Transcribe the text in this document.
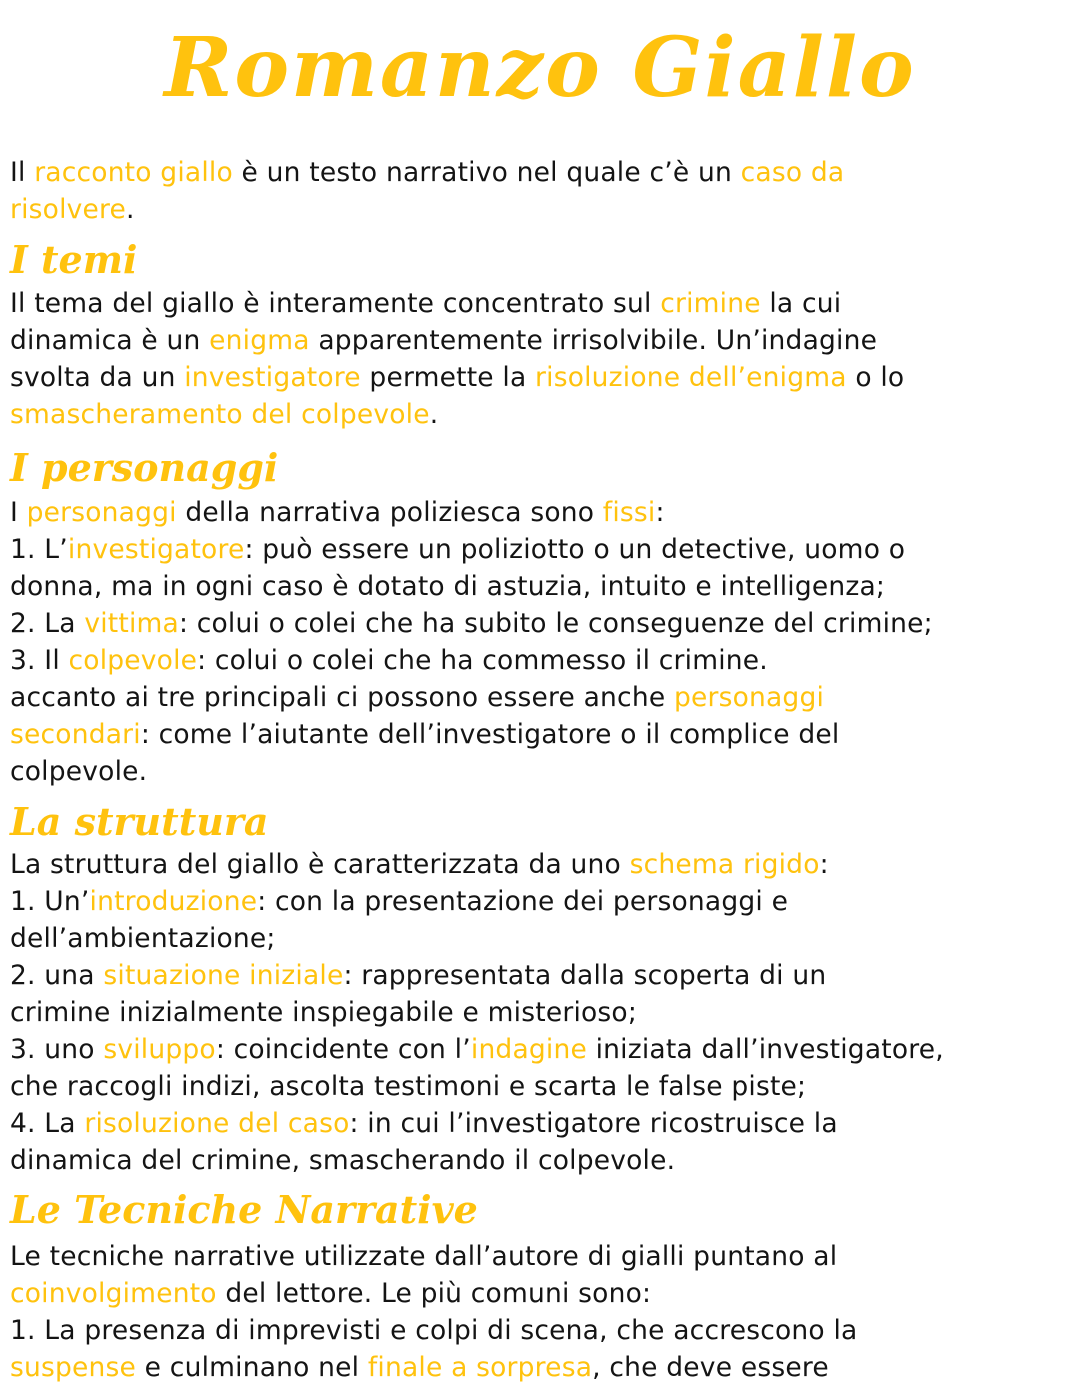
Romanzo Giallo
Il racconto giallo è un testo narrativo nel quale c’è un caso da
risolvere.
I temi
Il tema del giallo è interamente concentrato sul crimine la cui
dinamica è un enigma apparentemente irrisolvibile. Un’indagine
svolta da un investigatore permette la risoluzione dell’enigma o lo
smascheramento del colpevole.
I personaggi
I personaggi della narrativa poliziesca sono fissi:
1. L’investigatore: può essere un poliziotto o un detective, uomo o
donna, ma in ogni caso è dotato di astuzia, intuito e intelligenza;
2. La vittima: colui o colei che ha subito le conseguenze del crimine;
3. Il colpevole: colui o colei che ha commesso il crimine.
accanto ai tre principali ci possono essere anche personaggi
secondari: come l’aiutante dell’investigatore o il complice del
colpevole.
La struttura
La struttura del giallo è caratterizzata da uno schema rigido:
1. Un’introduzione: con la presentazione dei personaggi e
dell’ambientazione;
2. una situazione iniziale: rappresentata dalla scoperta di un
crimine inizialmente inspiegabile e misterioso;
3. uno sviluppo: coincidente con l’indagine iniziata dall’investigatore,
che raccogli indizi, ascolta testimoni e scarta le false piste;
4. La risoluzione del caso: in cui l’investigatore ricostruisce la
dinamica del crimine, smascherando il colpevole.
Le Tecniche Narrative
Le tecniche narrative utilizzate dall’autore di gialli puntano al
coinvolgimento del lettore. Le più comuni sono:
1. La presenza di imprevisti e colpi di scena, che accrescono la
suspense e culminano nel finale a sorpresa, che deve essere
